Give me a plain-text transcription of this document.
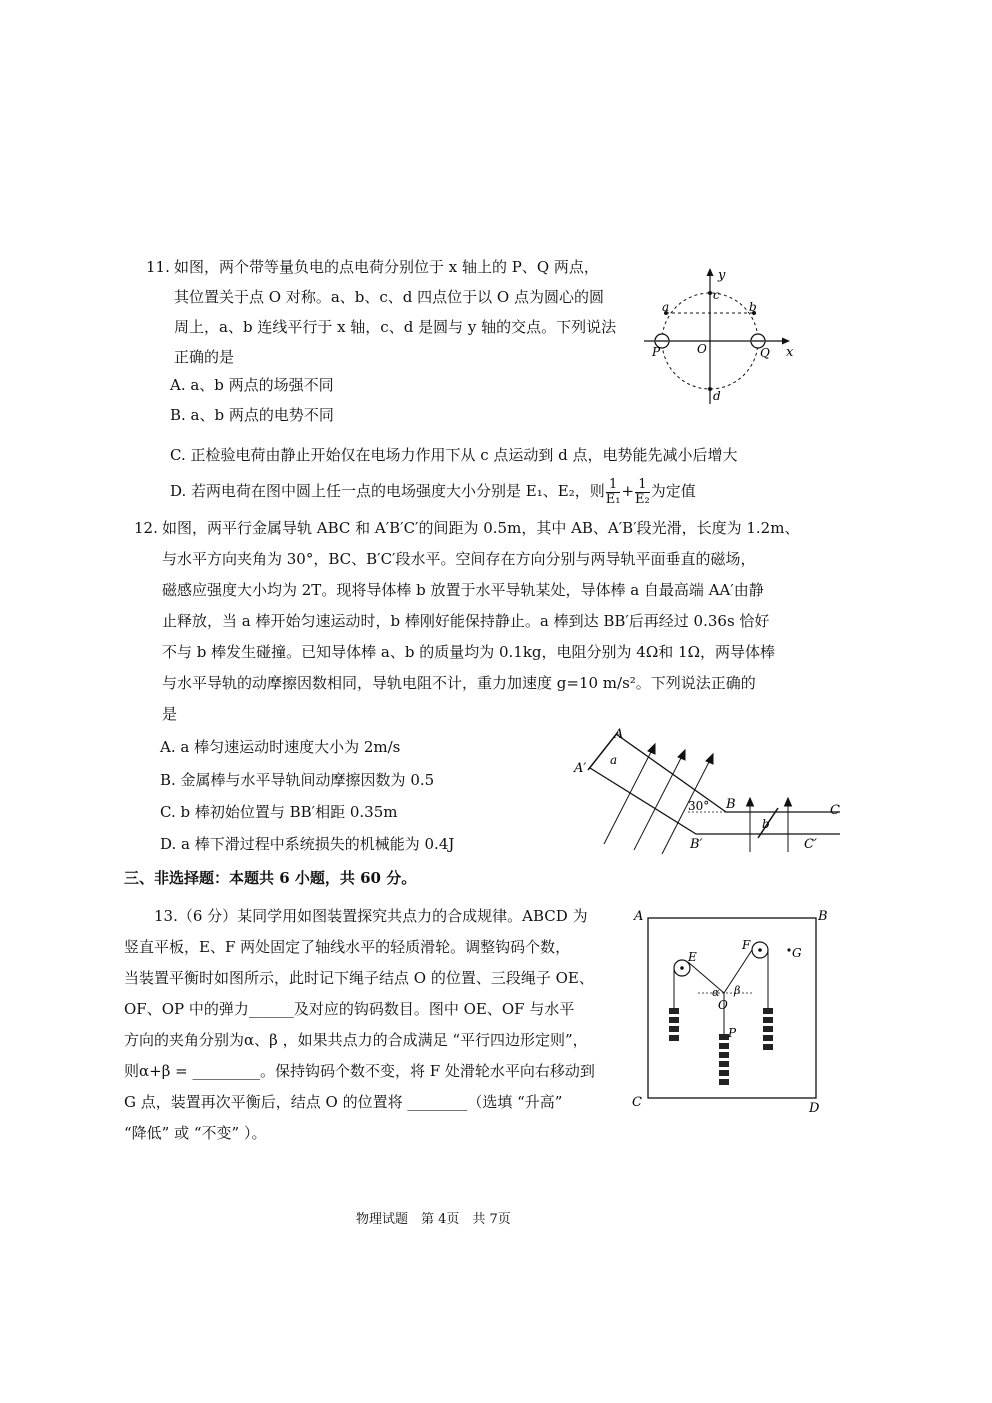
11. 如图，两个带等量负电的点电荷分别位于 x 轴上的 P、Q 两点，
其位置关于点 O 对称。a、b、c、d 四点位于以 O 点为圆心的圆
周上，a、b 连线平行于 x 轴，c、d 是圆与 y 轴的交点。下列说法
正确的是
A. a、b 两点的场强不同
B. a、b 两点的电势不同
C. 正检验电荷由静止开始仅在电场力作用下从 c 点运动到 d 点，电势能先减小后增大
D. 若两电荷在图中圆上任一点的电场强度大小分别是 E₁、E₂，则 $\frac{1}{\text{E₁}} + \frac{1}{\text{E₂}}$ 为定值
y
x
c
a	b
P	O	Q
d
12. 如图，两平行金属导轨 ABC 和 A′B′C′的间距为 0.5m，其中 AB、A′B′段光滑，长度为 1.2m、
与水平方向夹角为 30°，BC、B′C′段水平。空间存在方向分别与两导轨平面垂直的磁场，
磁感应强度大小均为 2T。现将导体棒 b 放置于水平导轨某处，导体棒 a 自最高端 AA′由静
止释放，当 a 棒开始匀速运动时，b 棒刚好能保持静止。a 棒到达 BB′后再经过 0.36s 恰好
不与 b 棒发生碰撞。已知导体棒 a、b 的质量均为 0.1kg，电阻分别为 4Ω和 1Ω，两导体棒
与水平导轨的动摩擦因数相同，导轨电阻不计，重力加速度 g=10 m/s²。下列说法正确的
是
A. a 棒匀速运动时速度大小为 2m/s
B. 金属棒与水平导轨间动摩擦因数为 0.5
C. b 棒初始位置与 BB′相距 0.35m
D. a 棒下滑过程中系统损失的机械能为 0.4J
A
A′
a
30° B	C
b
B′	C′
三、非选择题：本题共 6 小题，共 60 分。
13.（6 分）某同学用如图装置探究共点力的合成规律。ABCD 为
竖直平板，E、F 两处固定了轴线水平的轻质滑轮。调整钩码个数，
当装置平衡时如图所示，此时记下绳子结点 O 的位置、三段绳子 OE、
OF、OP 中的弹力______及对应的钩码数目。图中 OE、OF 与水平
方向的夹角分别为α、β ，如果共点力的合成满足 “平行四边形定则”，
则α+β = _________。保持钩码个数不变，将 F 处滑轮水平向右移动到
G 点，装置再次平衡后，结点 O 的位置将 ________（选填 “升高”
“降低” 或 “不变” ）。
A	B
C	D
E
F
G
O
P
α β
物理试题　第 4页　共 7页
